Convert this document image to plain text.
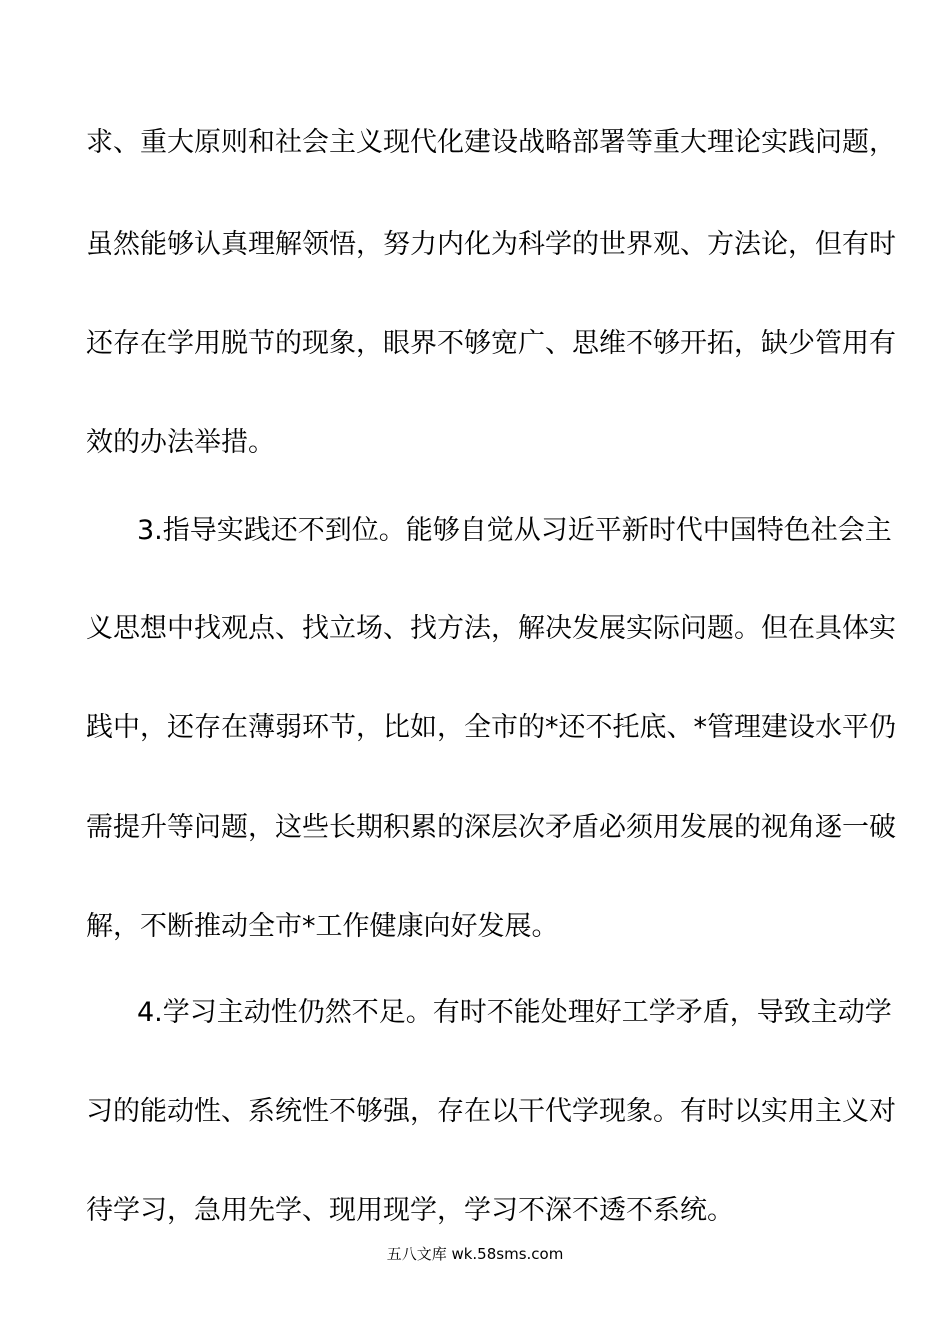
求、重大原则和社会主义现代化建设战略部署等重大理论实践问题，
虽然能够认真理解领悟，努力内化为科学的世界观、方法论，但有时
还存在学用脱节的现象，眼界不够宽广、思维不够开拓，缺少管用有
效的办法举措。
3.指导实践还不到位。能够自觉从习近平新时代中国特色社会主
义思想中找观点、找立场、找方法，解决发展实际问题。但在具体实
践中，还存在薄弱环节，比如，全市的*还不托底、*管理建设水平仍
需提升等问题，这些长期积累的深层次矛盾必须用发展的视角逐一破
解，不断推动全市*工作健康向好发展。
4.学习主动性仍然不足。有时不能处理好工学矛盾，导致主动学
习的能动性、系统性不够强，存在以干代学现象。有时以实用主义对
待学习，急用先学、现用现学，学习不深不透不系统。
五八文库 wk.58sms.com
